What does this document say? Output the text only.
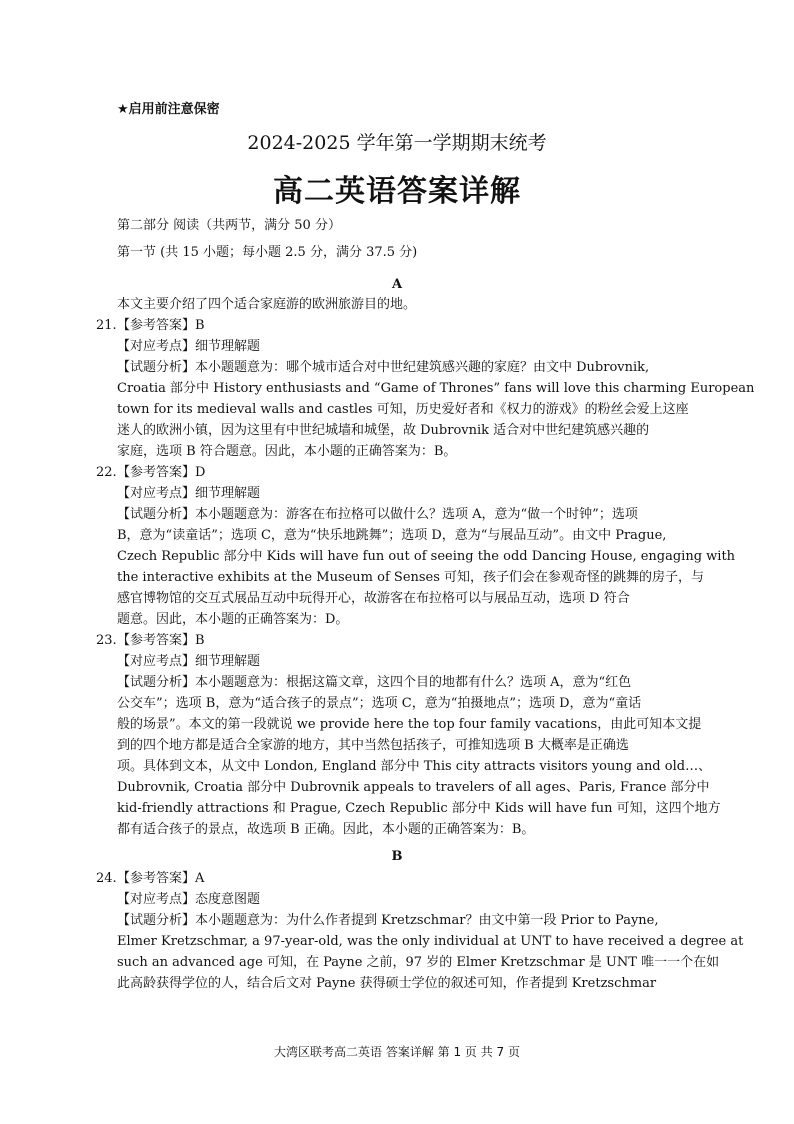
★启用前注意保密
2024-2025 学年第一学期期末统考
高二英语答案详解
第二部分 阅读（共两节，满分 50 分）
第一节 (共 15 小题；每小题 2.5 分，满分 37.5 分)
A
本文主要介绍了四个适合家庭游的欧洲旅游目的地。
21. 【参考答案】B
【对应考点】细节理解题
【试题分析】本小题题意为：哪个城市适合对中世纪建筑感兴趣的家庭？由文中 Dubrovnik,
Croatia 部分中 History enthusiasts and “Game of Thrones” fans will love this charming European
town for its medieval walls and castles 可知，历史爱好者和《权力的游戏》的粉丝会爱上这座
迷人的欧洲小镇，因为这里有中世纪城墙和城堡，故 Dubrovnik 适合对中世纪建筑感兴趣的
家庭，选项 B 符合题意。因此，本小题的正确答案为：B。
22. 【参考答案】D
【对应考点】细节理解题
【试题分析】本小题题意为：游客在布拉格可以做什么？选项 A，意为“做一个时钟”；选项
B，意为“读童话”；选项 C，意为“快乐地跳舞”；选项 D，意为“与展品互动”。由文中 Prague,
Czech Republic 部分中 Kids will have fun out of seeing the odd Dancing House, engaging with
the interactive exhibits at the Museum of Senses 可知，孩子们会在参观奇怪的跳舞的房子，与
感官博物馆的交互式展品互动中玩得开心，故游客在布拉格可以与展品互动，选项 D 符合
题意。因此，本小题的正确答案为：D。
23. 【参考答案】B
【对应考点】细节理解题
【试题分析】本小题题意为：根据这篇文章，这四个目的地都有什么？选项 A，意为“红色
公交车”；选项 B，意为“适合孩子的景点”；选项 C，意为“拍摄地点”；选项 D，意为“童话
般的场景”。本文的第一段就说 we provide here the top four family vacations，由此可知本文提
到的四个地方都是适合全家游的地方，其中当然包括孩子，可推知选项 B 大概率是正确选
项。具体到文本，从文中 London, England 部分中 This city attracts visitors young and old…、
Dubrovnik, Croatia 部分中 Dubrovnik appeals to travelers of all ages、Paris, France 部分中
kid-friendly attractions 和 Prague, Czech Republic 部分中 Kids will have fun 可知，这四个地方
都有适合孩子的景点，故选项 B 正确。因此，本小题的正确答案为：B。
B
24. 【参考答案】A
【对应考点】态度意图题
【试题分析】本小题题意为：为什么作者提到 Kretzschmar？由文中第一段 Prior to Payne,
Elmer Kretzschmar, a 97-year-old, was the only individual at UNT to have received a degree at
such an advanced age 可知，在 Payne 之前，97 岁的 Elmer Kretzschmar 是 UNT 唯一一个在如
此高龄获得学位的人，结合后文对 Payne 获得硕士学位的叙述可知，作者提到 Kretzschmar
大湾区联考高二英语 答案详解 第 1 页 共 7 页
